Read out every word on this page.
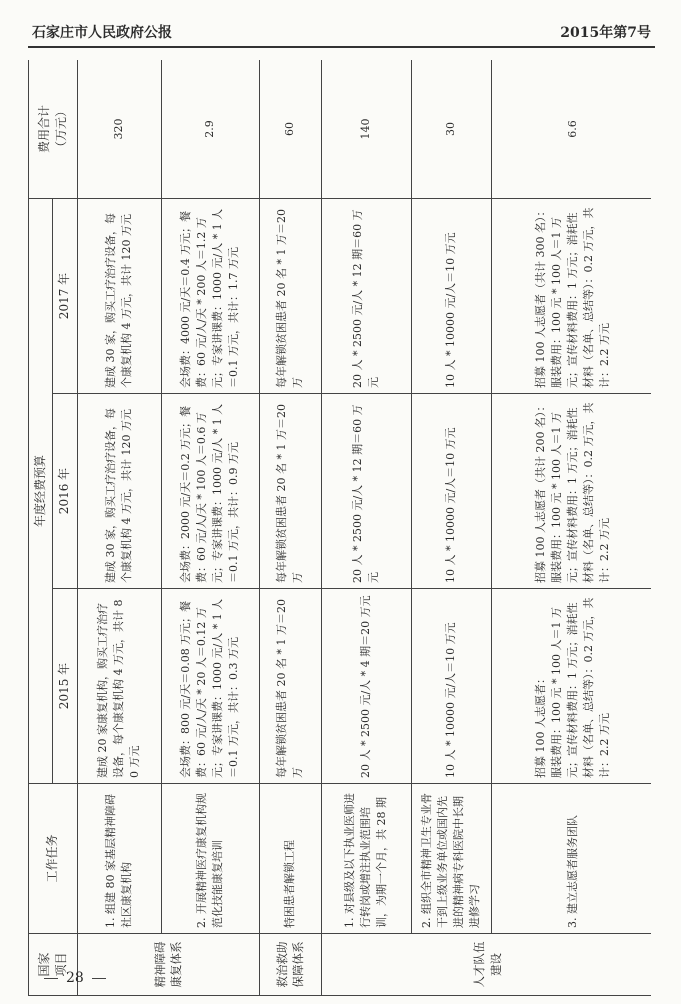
石家庄市人民政府公报	2015年第7号
国家
项目	工作任务	年度经费预算			费用合计
（万元）
		2015 年	2016 年	2017 年	
精神障碍康复体系	1. 组建 80 家基层精神障碍社区康复机构	建成 20 家康复机构，购买工疗治疗设备，每个康复机构 4 万元，共计 80 万元	建成 30 家，购买工疗治疗设备，每个康复机构 4 万元，共计 120 万元	建成 30 家，购买工疗治疗设备，每个康复机构 4 万元，共计 120 万元	320
	2. 开展精神医疗康复机构规范化技能康复培训	会场费：800 元/天＝0.08 万元；餐费：60 元/人/天 * 20 人＝0.12 万元；专家讲课费：1000 元/人 * 1 人＝0.1 万元，共计：0.3 万元	会场费：2000 元/天＝0.2 万元；餐费：60 元/人/天 * 100 人＝0.6 万元；专家讲课费：1000 元/人 * 1 人＝0.1 万元，共计：0.9 万元	会场费：4000 元/天＝0.4 万元；餐费：60 元/人/天 * 200 人＝1.2 万元；专家讲课费：1000 元/人 * 1 人＝0.1 万元，共计：1.7 万元	2.9
救治救助保障体系	特困患者解锁工程	每年解锁贫困患者 20 名 * 1 万＝20 万	每年解锁贫困患者 20 名 * 1 万＝20 万	每年解锁贫困患者 20 名 * 1 万＝20 万	60
人才队伍建设	1. 对县级及以下执业医师进行转岗或增注执业范围培训，为期一个月，共 28 期	20 人 * 2500 元/人 * 4 期＝20 万元	20 人 * 2500 元/人 * 12 期＝60 万元	20 人 * 2500 元/人 * 12 期＝60 万元	140
	2. 组织全市精神卫生专业骨干到上级业务单位或国内先进的精神病专科医院中长期进修学习	10 人 * 10000 元/人＝10 万元	10 人 * 10000 元/人＝10 万元	10 人 * 10000 元/人＝10 万元	30
	3. 建立志愿者服务团队	招募 100 人志愿者：
服装费用：100 元 * 100 人＝1 万元；宣传材料费用：1 万元；消耗性材料（名单、总结等）：0.2 万元，共计：2.2 万元	招募 100 人志愿者（共计 200 名）：
服装费用：100 元 * 100 人＝1 万元；宣传材料费用：1 万元；消耗性材料（名单、总结等）：0.2 万元，共计：2.2 万元	招募 100 人志愿者（共计 300 名）：
服装费用：100 元 * 100 人＝1 万元；宣传材料费用：1 万元；消耗性材料（名单、总结等）：0.2 万元，共计：2.2 万元	6.6
28
